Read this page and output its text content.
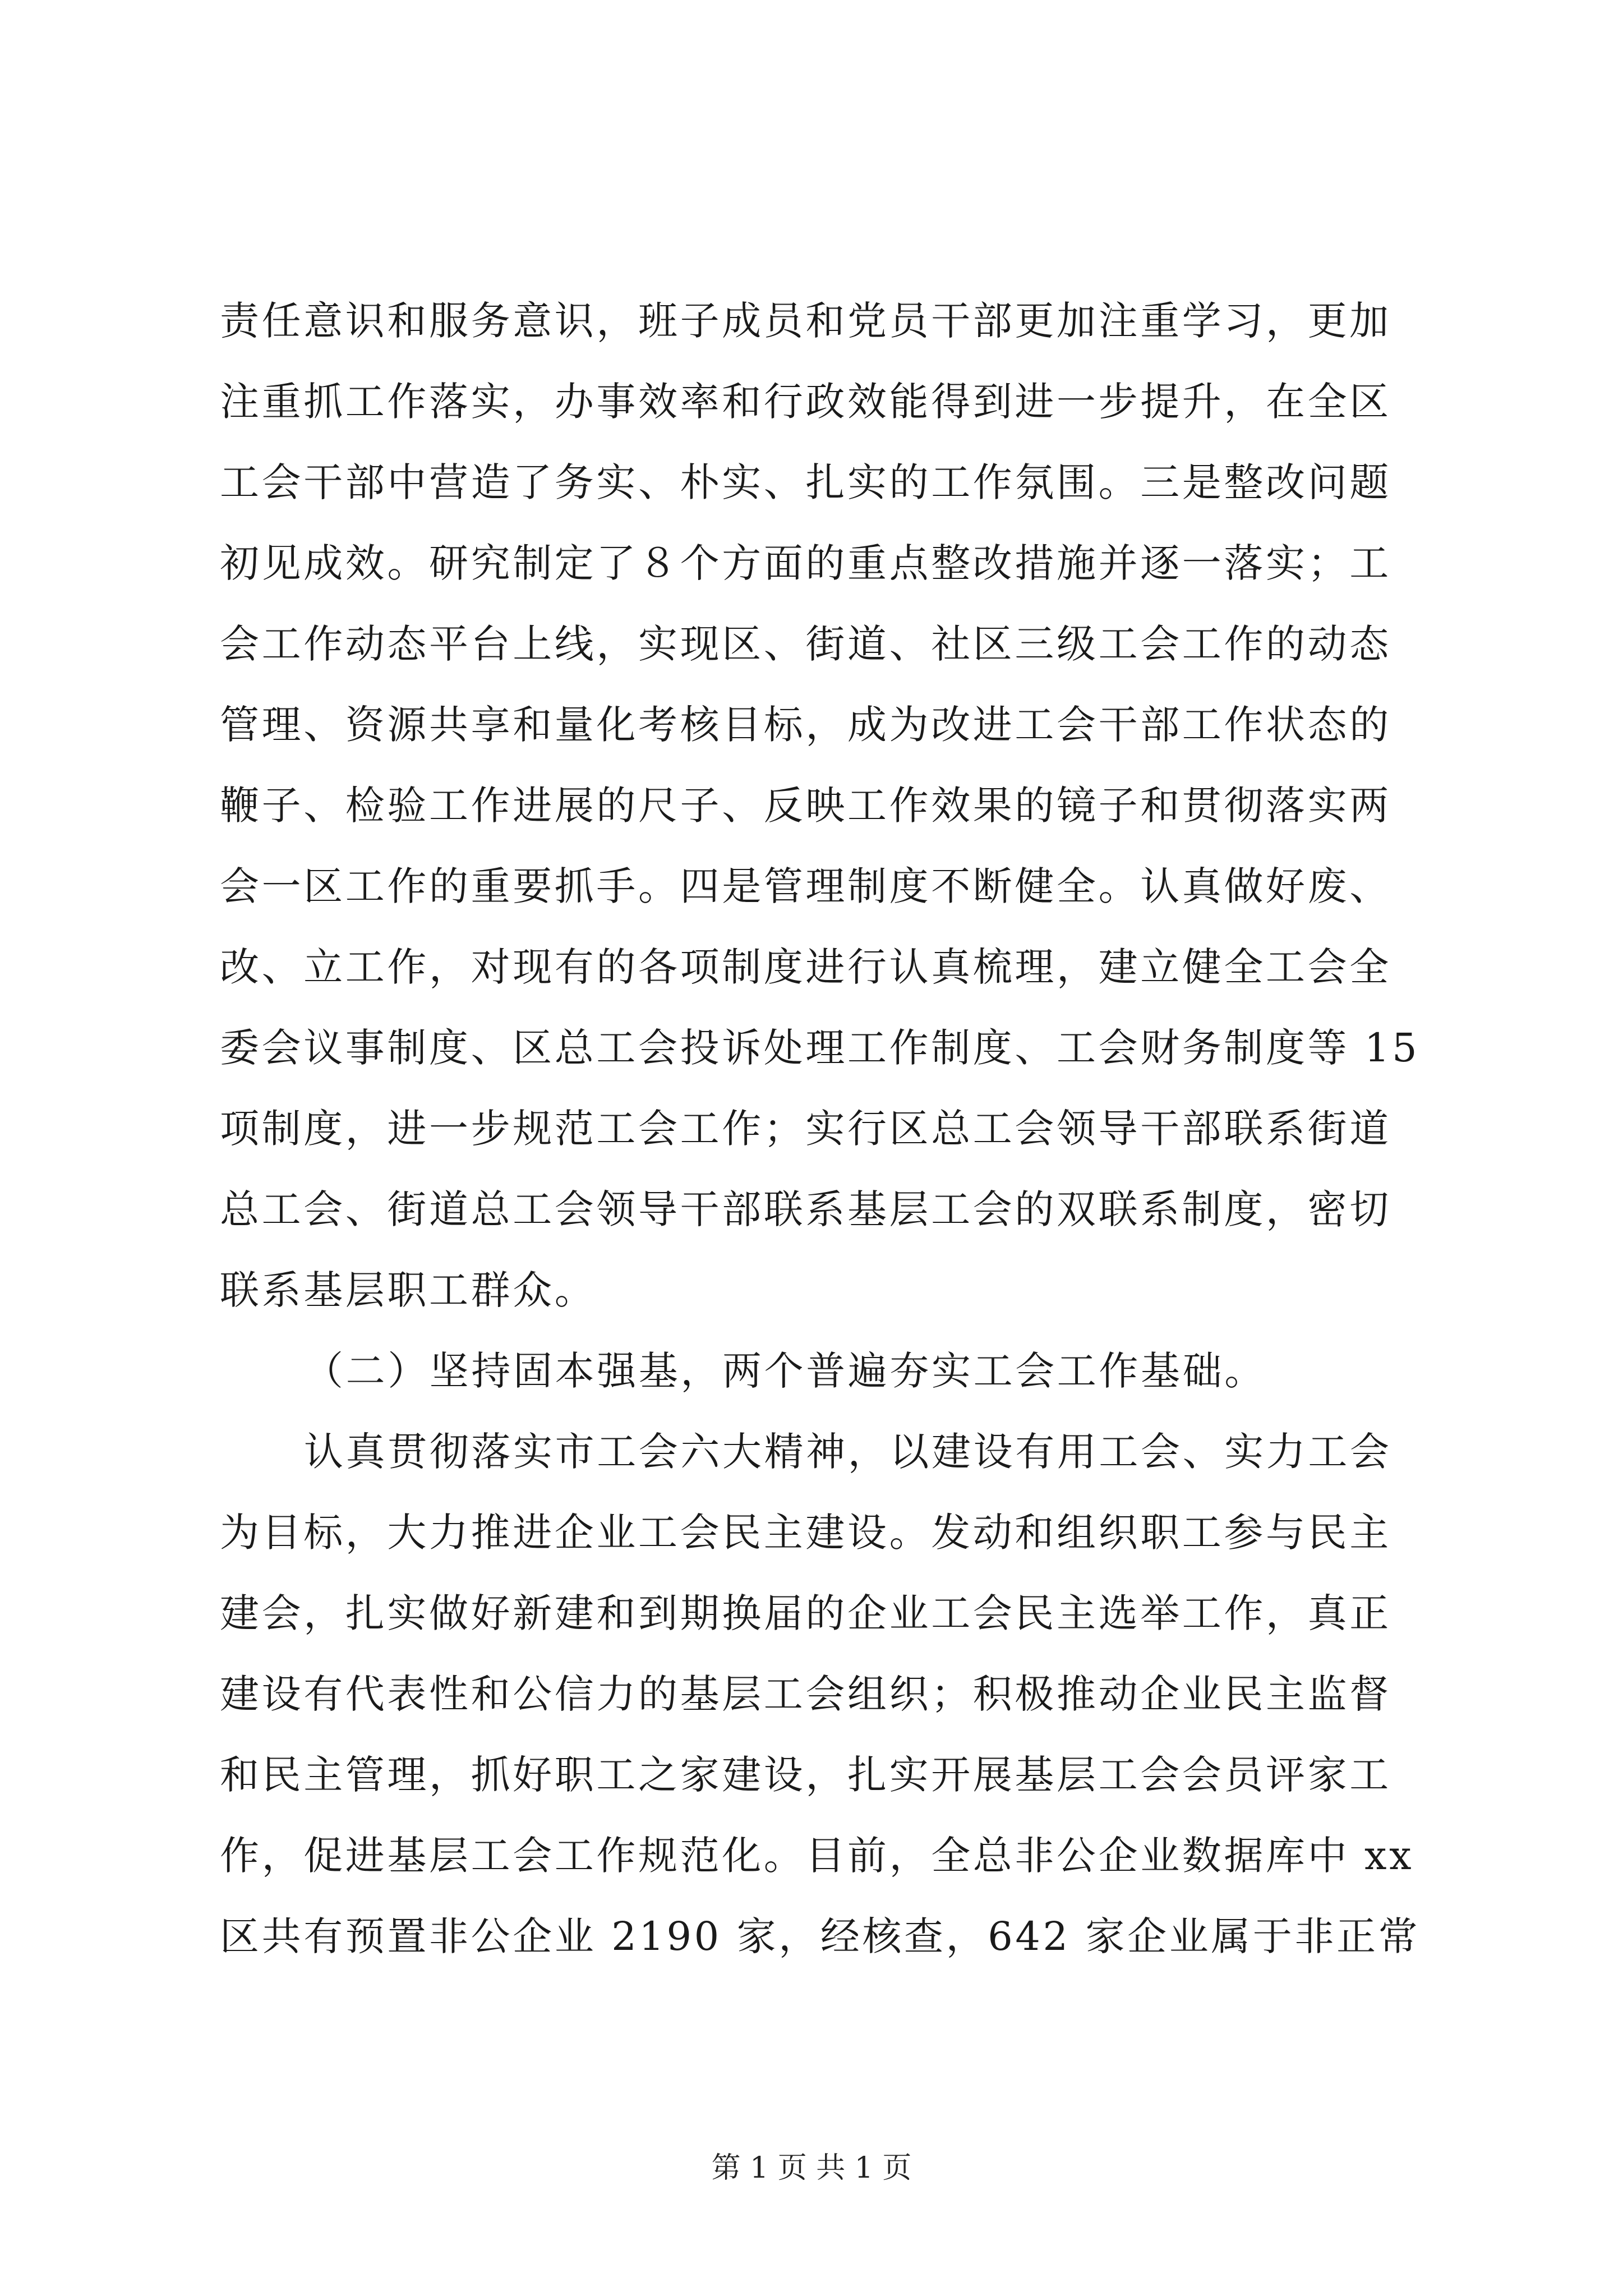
责任意识和服务意识，班子成员和党员干部更加注重学习，更加
注重抓工作落实，办事效率和行政效能得到进一步提升，在全区
工会干部中营造了务实、朴实、扎实的工作氛围。三是整改问题
初见成效。研究制定了８个方面的重点整改措施并逐一落实；工
会工作动态平台上线，实现区、街道、社区三级工会工作的动态
管理、资源共享和量化考核目标，成为改进工会干部工作状态的
鞭子、检验工作进展的尺子、反映工作效果的镜子和贯彻落实两
会一区工作的重要抓手。四是管理制度不断健全。认真做好废、
改、立工作，对现有的各项制度进行认真梳理，建立健全工会全
委会议事制度、区总工会投诉处理工作制度、工会财务制度等 15
项制度，进一步规范工会工作；实行区总工会领导干部联系街道
总工会、街道总工会领导干部联系基层工会的双联系制度，密切
联系基层职工群众。
（二）坚持固本强基，两个普遍夯实工会工作基础。
认真贯彻落实市工会六大精神，以建设有用工会、实力工会
为目标，大力推进企业工会民主建设。发动和组织职工参与民主
建会，扎实做好新建和到期换届的企业工会民主选举工作，真正
建设有代表性和公信力的基层工会组织；积极推动企业民主监督
和民主管理，抓好职工之家建设，扎实开展基层工会会员评家工
作，促进基层工会工作规范化。目前，全总非公企业数据库中 xx
区共有预置非公企业 2190 家，经核查，642 家企业属于非正常
第 1 页 共 1 页
